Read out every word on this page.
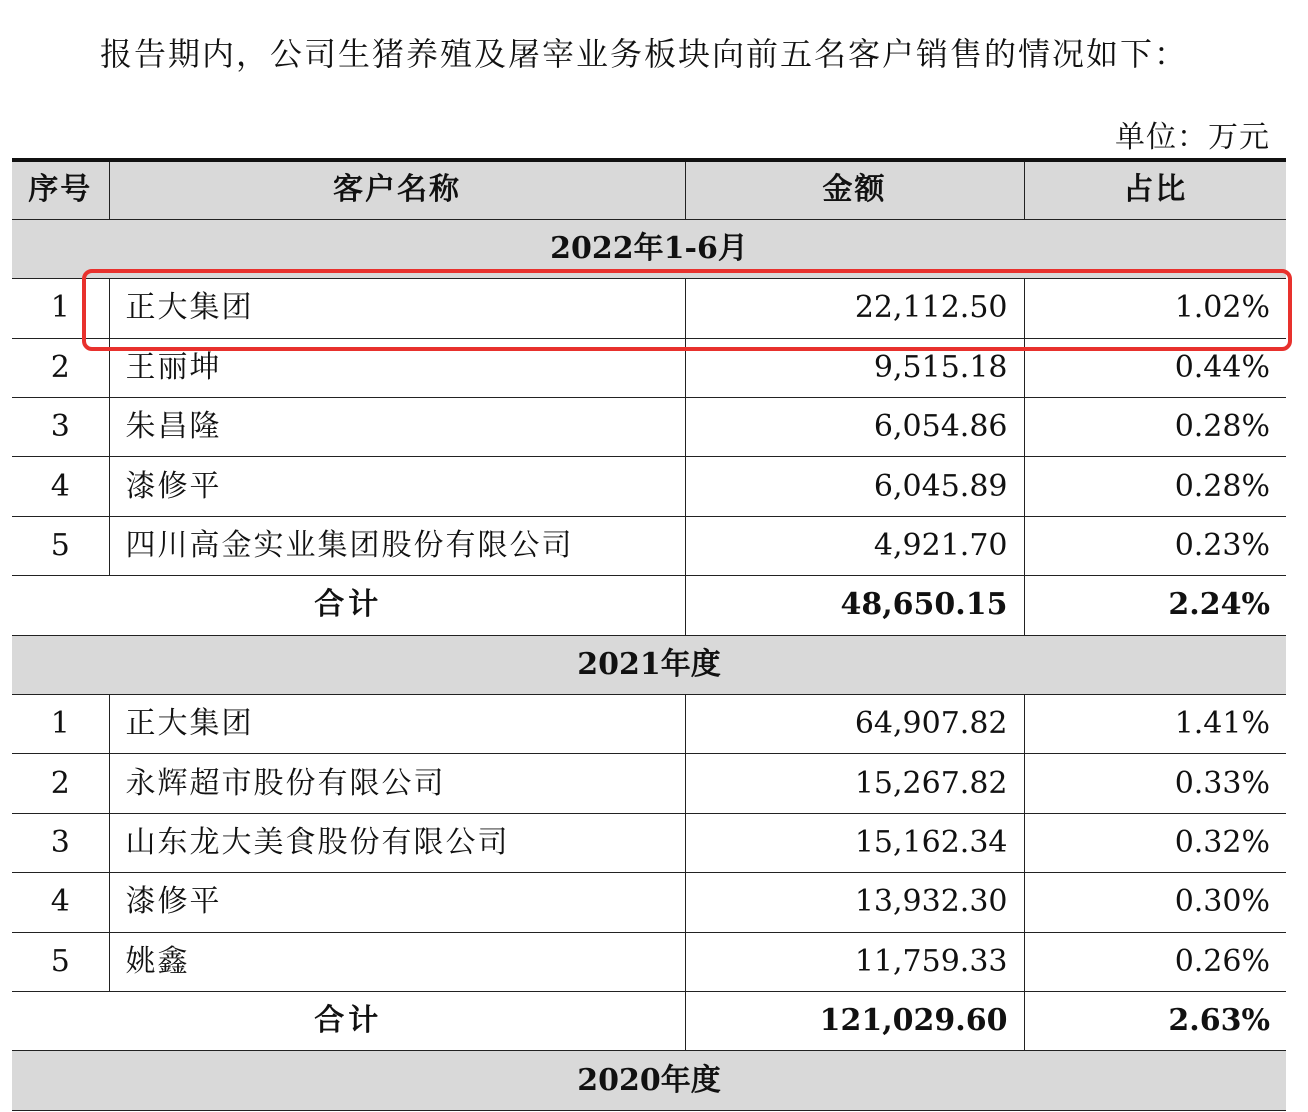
报告期内，公司生猪养殖及屠宰业务板块向前五名客户销售的情况如下：
单位：万元
序号	客户名称	金额	占比
2022年1-6月			
1	正大集团	22,112.50	1.02%
2	王丽坤	9,515.18	0.44%
3	朱昌隆	6,054.86	0.28%
4	漆修平	6,045.89	0.28%
5	四川高金实业集团股份有限公司	4,921.70	0.23%
合计		48,650.15	2.24%
2021年度			
1	正大集团	64,907.82	1.41%
2	永辉超市股份有限公司	15,267.82	0.33%
3	山东龙大美食股份有限公司	15,162.34	0.32%
4	漆修平	13,932.30	0.30%
5	姚鑫	11,759.33	0.26%
合计		121,029.60	2.63%
2020年度			
